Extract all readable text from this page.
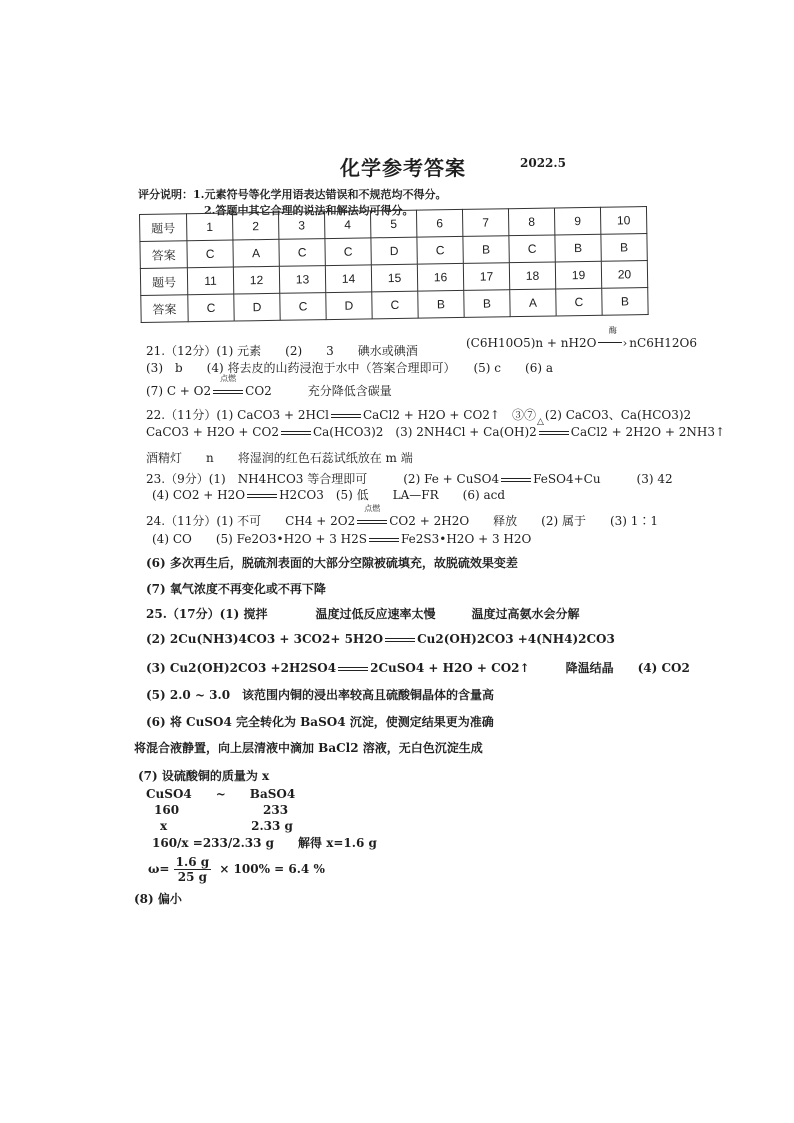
化学参考答案	2022.5
评分说明：1.元素符号等化学用语表达错误和不规范均不得分。
2.答题中其它合理的说法和解法均可得分。
题号	1	2	3	4	5	6	7	8	9	10
答案	C	A	C	C	D	C	B	C	B	B
题号	11	12	13	14	15	16	17	18	19	20
答案	C	D	C	D	C	B	B	A	C	B
21.（12分）(1) 元素　　(2)　　3　　碘水或碘酒
(C6H10O5)n + nH2O
酶
› nC6H12O6
(3)　b　　(4) 将去皮的山药浸泡于水中（答案合理即可）　　(5) c　　(6) a
(7) C + O2
点燃
CO2　　　充分降低含碳量
22.（11分）(1) CaCO3 + 2HCl	CaCl2 + H2O + CO2↑　$③⑦_\triangle(2)$ CaCO3、Ca(HCO3)2
CaCO3 + H2O + CO2	Ca(HCO3)2　(3) 2NH4Cl + Ca(OH)2	CaCl2 + 2H2O + 2NH3↑
酒精灯　　n　　将湿润的红色石蕊试纸放在 m 端
23.（9分）(1)　NH4HCO3 等合理即可　　　(2) Fe + CuSO4	FeSO4+Cu　　　(3) 42
(4) CO2 + H2O	H2CO3　(5) 低　　LA—FR　　(6) acd
24.（11分）(1) 不可　　CH4 + 2O2
点燃
CO2 + 2H2O　　释放　　(2) 属于　　(3) 1∶1
(4) CO　　(5) Fe2O3•H2O + 3 H2S	Fe2S3•H2O + 3 H2O
(6) 多次再生后，脱硫剂表面的大部分空隙被硫填充，故脱硫效果变差
(7) 氧气浓度不再变化或不再下降
25.（17分）(1) 搅拌　　　　温度过低反应速率太慢　　　温度过高氨水会分解
(2) 2Cu(NH3)4CO3 + 3CO2+ 5H2O	Cu2(OH)2CO3 +4(NH4)2CO3
(3) Cu2(OH)2CO3 +2H2SO4	2CuSO4 + H2O + CO2↑　　　降温结晶　　(4) CO2
(5) 2.0 ~ 3.0　该范围内铜的浸出率较高且硫酸铜晶体的含量高
(6) 将 CuSO4 完全转化为 BaSO4 沉淀，使测定结果更为准确
将混合液静置，向上层清液中滴加 BaCl2 溶液，无白色沉淀生成
(7) 设硫酸铜的质量为 x
CuSO4　　~　　BaSO4
160　　　　　　　233
x　　　　　　　2.33 g
160/x =233/2.33 g　　解得 x=1.6 g
$\omega= \frac{1.6 g}{25 g} \times 100\% = 6.4$ %
(8) 偏小
